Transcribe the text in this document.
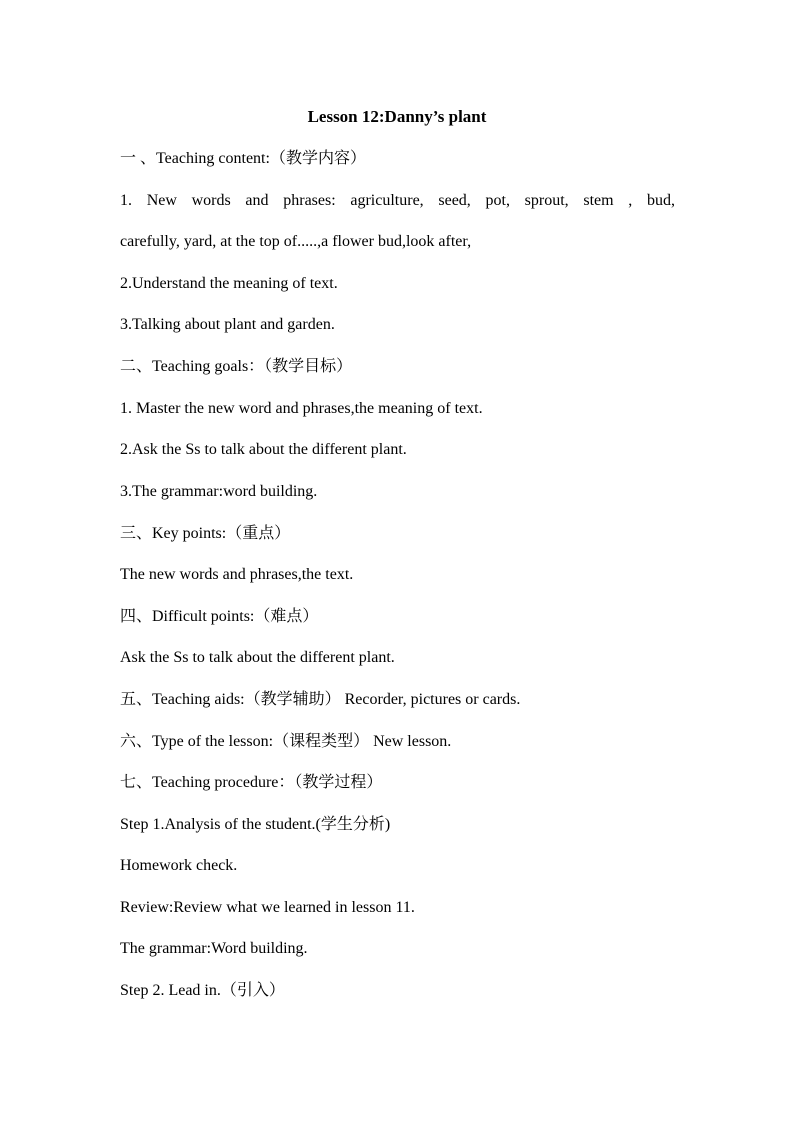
Lesson 12:Danny’s plant
一 、Teaching content:（教学内容）
1. New words and phrases: agriculture, seed, pot, sprout, stem , bud,
carefully, yard, at the top of.....,a flower bud,look after,
2.Understand the meaning of text.
3.Talking about plant and garden.
二、Teaching goals：（教学目标）
1. Master the new word and phrases,the meaning of text.
2.Ask the Ss to talk about the different plant.
3.The grammar:word building.
三、Key points:（重点）
The new words and phrases,the text.
四、Difficult points:（难点）
Ask the Ss to talk about the different plant.
五、Teaching aids:（教学辅助） Recorder, pictures or cards.
六、Type of the lesson:（课程类型） New lesson.
七、Teaching procedure：（教学过程）
Step 1.Analysis of the student.(学生分析)
Homework check.
Review:Review what we learned in lesson 11.
The grammar:Word building.
Step 2. Lead in.（引入）
